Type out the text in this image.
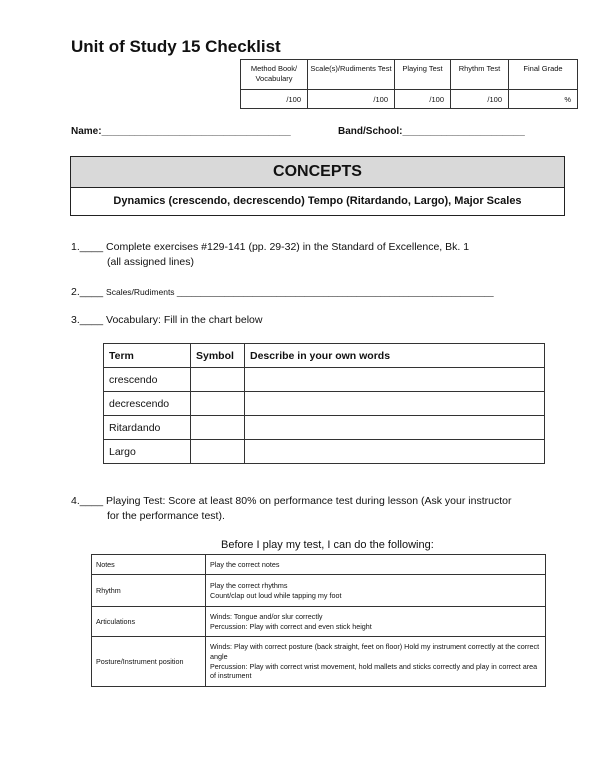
Unit of Study 15 Checklist
Method Book/ Vocabulary	Scale(s)/Rudiments Test	Playing Test	Rhythm Test	Final Grade
/100	/100	/100	/100	%
Name:__________________________________	Band/School:______________________
CONCEPTS
Dynamics (crescendo, decrescendo) Tempo (Ritardando, Largo), Major Scales
1.____ Complete exercises #129-141 (pp. 29-32) in the Standard of Excellence, Bk. 1
(all assigned lines)
2.____ Scales/Rudiments ___________________________________________________________________
3.____ Vocabulary: Fill in the chart below
Term	Symbol	Describe in your own words
crescendo		
decrescendo		
Ritardando		
Largo		
4.____ Playing Test: Score at least 80% on performance test during lesson (Ask your instructor
for the performance test).
Before I play my test, I can do the following:
Notes	Play the correct notes

Rhythm	Play the correct rhythms
Count/clap out loud while tapping my foot

Articulations	Winds: Tongue and/or slur correctly
Percussion: Play with correct and even stick height

Posture/Instrument position	Winds: Play with correct posture (back straight, feet on floor) Hold my instrument correctly at the correct angle
Percussion: Play with correct wrist movement, hold mallets and sticks correctly and play in correct area of instrument
